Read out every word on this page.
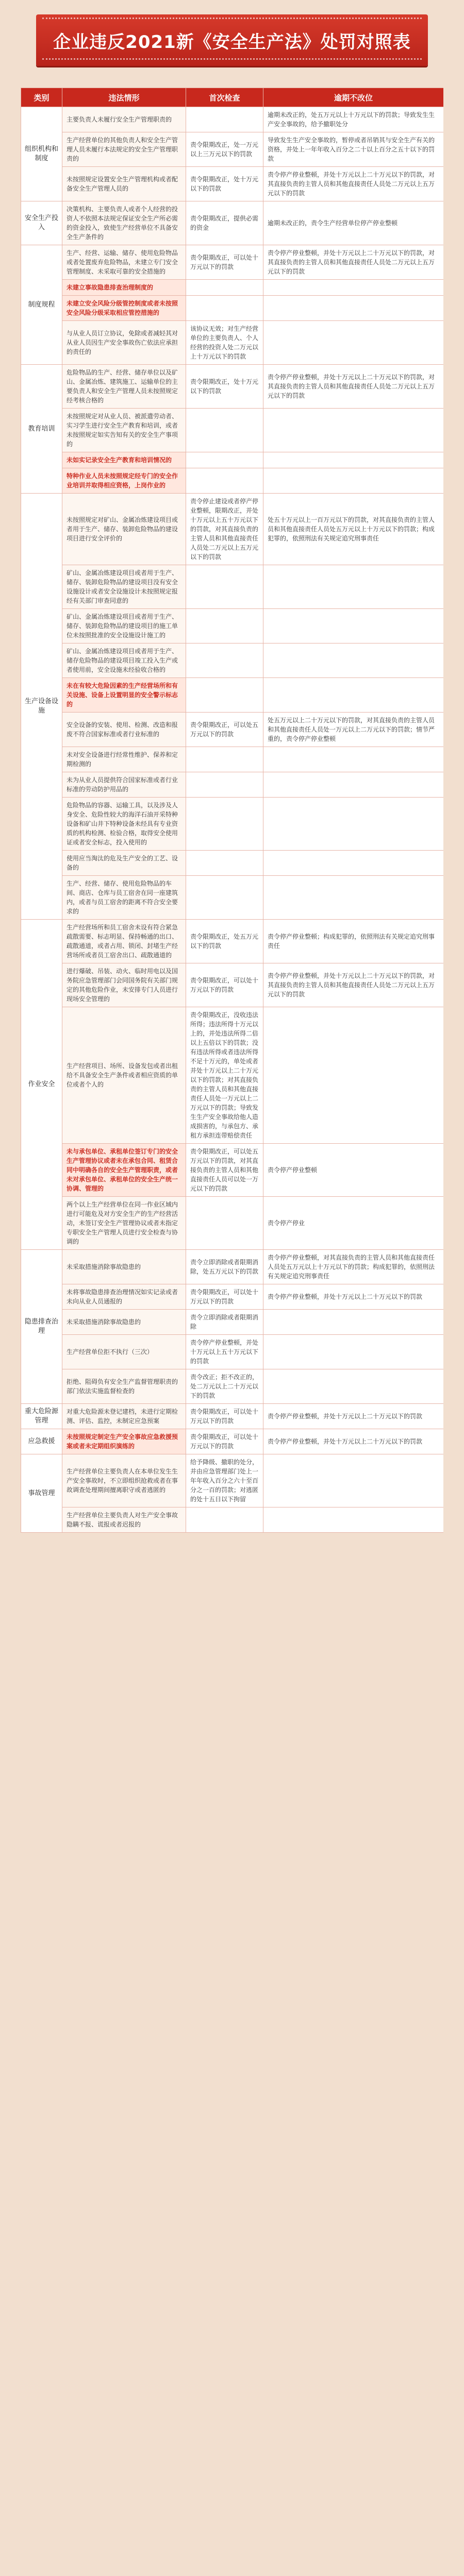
企业违反2021新《安全生产法》处罚对照表
类别	违法情形	首次检查	逾期不改位
组织机构和制度	主要负责人未履行安全生产管理职责的		逾期未改正的，处五万元以上十万元以下的罚款；导致发生生产安全事故的，给予撤职处分
	生产经营单位的其他负责人和安全生产管理人员未履行本法规定的安全生产管理职责的	责令限期改正，处一万元以上三万元以下的罚款	导致发生生产安全事故的，暂停或者吊销其与安全生产有关的资格，并处上一年年收入百分之二十以上百分之五十以下的罚款
	未按照规定设置安全生产管理机构或者配备安全生产管理人员的	责令限期改正，处十万元以下的罚款	责令停产停业整顿，并处十万元以上二十万元以下的罚款，对其直接负责的主管人员和其他直接责任人员处二万元以上五万元以下的罚款
安全生产投入	决策机构、主要负责人或者个人经营的投资人不依照本法规定保证安全生产所必需的资金投入，致使生产经营单位不具备安全生产条件的	责令限期改正，提供必需的资金	逾期未改正的，责令生产经营单位停产停业整顿
制度规程	生产、经营、运输、储存、使用危险物品或者处置废弃危险物品，未建立专门安全管理制度、未采取可靠的安全措施的	责令限期改正，可以处十万元以下的罚款	责令停产停业整顿，并处十万元以上二十万元以下的罚款，对其直接负责的主管人员和其他直接责任人员处二万元以上五万元以下的罚款
	未建立事故隐患排查治理制度的		
	未建立安全风险分级管控制度或者未按照安全风险分级采取相应管控措施的		
	与从业人员订立协议，免除或者减轻其对从业人员因生产安全事故伤亡依法应承担的责任的	该协议无效；对生产经营单位的主要负责人、个人经营的投资人处二万元以上十万元以下的罚款	
教育培训	危险物品的生产、经营、储存单位以及矿山、金属冶炼、建筑施工、运输单位的主要负责人和安全生产管理人员未按照规定经考核合格的	责令限期改正，处十万元以下的罚款	责令停产停业整顿，并处十万元以上二十万元以下的罚款，对其直接负责的主管人员和其他直接责任人员处二万元以上五万元以下的罚款
	未按照规定对从业人员、被派遣劳动者、实习学生进行安全生产教育和培训，或者未按照规定如实告知有关的安全生产事项的		
	未如实记录安全生产教育和培训情况的		
	特种作业人员未按照规定经专门的安全作业培训并取得相应资格，上岗作业的		
生产设备设施	未按照规定对矿山、金属冶炼建设项目或者用于生产、储存、装卸危险物品的建设项目进行安全评价的	责令停止建设或者停产停业整顿，限期改正，并处十万元以上五十万元以下的罚款，对其直接负责的主管人员和其他直接责任人员处二万元以上五万元以下的罚款	处五十万元以上一百万元以下的罚款，对其直接负责的主管人员和其他直接责任人员处五万元以上十万元以下的罚款；构成犯罪的，依照刑法有关规定追究刑事责任
	矿山、金属冶炼建设项目或者用于生产、储存、装卸危险物品的建设项目没有安全设施设计或者安全设施设计未按照规定报经有关部门审查同意的		
	矿山、金属冶炼建设项目或者用于生产、储存、装卸危险物品的建设项目的施工单位未按照批准的安全设施设计施工的		
	矿山、金属冶炼建设项目或者用于生产、储存危险物品的建设项目竣工投入生产或者使用前，安全设施未经验收合格的		
	未在有较大危险因素的生产经营场所和有关设施、设备上设置明显的安全警示标志的		
	安全设备的安装、使用、检测、改造和报废不符合国家标准或者行业标准的	责令限期改正，可以处五万元以下的罚款	处五万元以上二十万元以下的罚款，对其直接负责的主管人员和其他直接责任人员处一万元以上二万元以下的罚款；情节严重的，责令停产停业整顿
	未对安全设备进行经常性维护、保养和定期检测的		
	未为从业人员提供符合国家标准或者行业标准的劳动防护用品的		
	危险物品的容器、运输工具，以及涉及人身安全、危险性较大的海洋石油开采特种设备和矿山井下特种设备未经具有专业资质的机构检测、检验合格，取得安全使用证或者安全标志，投入使用的		
	使用应当淘汰的危及生产安全的工艺、设备的		
	生产、经营、储存、使用危险物品的车间、商店、仓库与员工宿舍在同一座建筑内，或者与员工宿舍的距离不符合安全要求的		
作业安全	生产经营场所和员工宿舍未设有符合紧急疏散需要、标志明显、保持畅通的出口、疏散通道，或者占用、锁闭、封堵生产经营场所或者员工宿舍出口、疏散通道的	责令限期改正，处五万元以下的罚款	责令停产停业整顿；构成犯罪的，依照刑法有关规定追究刑事责任
	进行爆破、吊装、动火、临时用电以及国务院应急管理部门会同国务院有关部门规定的其他危险作业，未安排专门人员进行现场安全管理的	责令限期改正，可以处十万元以下的罚款	责令停产停业整顿，并处十万元以上二十万元以下的罚款，对其直接负责的主管人员和其他直接责任人员处二万元以上五万元以下的罚款
	生产经营项目、场所、设备发包或者出租给不具备安全生产条件或者相应资质的单位或者个人的	责令限期改正，没收违法所得；违法所得十万元以上的，并处违法所得二倍以上五倍以下的罚款；没有违法所得或者违法所得不足十万元的，单处或者并处十万元以上二十万元以下的罚款；对其直接负责的主管人员和其他直接责任人员处一万元以上二万元以下的罚款；导致发生生产安全事故给他人造成损害的，与承包方、承租方承担连带赔偿责任	
	未与承包单位、承租单位签订专门的安全生产管理协议或者未在承包合同、租赁合同中明确各自的安全生产管理职责，或者未对承包单位、承租单位的安全生产统一协调、管理的	责令限期改正，可以处五万元以下的罚款，对其直接负责的主管人员和其他直接责任人员可以处一万元以下的罚款	责令停产停业整顿
	两个以上生产经营单位在同一作业区域内进行可能危及对方安全生产的生产经营活动，未签订安全生产管理协议或者未指定专职安全生产管理人员进行安全检查与协调的		责令停产停业
隐患排查治理	未采取措施消除事故隐患的	责令立即消除或者限期消除，处五万元以下的罚款	责令停产停业整顿，对其直接负责的主管人员和其他直接责任人员处五万元以上十万元以下的罚款；构成犯罪的，依照刑法有关规定追究刑事责任
	未将事故隐患排查治理情况如实记录或者未向从业人员通报的	责令限期改正，可以处十万元以下的罚款	责令停产停业整顿，并处十万元以上二十万元以下的罚款
	未采取措施消除事故隐患的	责令立即消除或者限期消除	
	生产经营单位拒不执行（三次）	责令停产停业整顿，并处十万元以上五十万元以下的罚款	
	拒绝、阻碍负有安全生产监督管理职责的部门依法实施监督检查的	责令改正；拒不改正的，处二万元以上二十万元以下的罚款	
重大危险源管理	对重大危险源未登记建档，未进行定期检测、评估、监控，未制定应急预案	责令限期改正，可以处十万元以下的罚款	责令停产停业整顿，并处十万元以上二十万元以下的罚款
应急救援	未按照规定制定生产安全事故应急救援预案或者未定期组织演练的	责令限期改正，可以处十万元以下的罚款	责令停产停业整顿，并处十万元以上二十万元以下的罚款
事故管理	生产经营单位主要负责人在本单位发生生产安全事故时，不立即组织抢救或者在事故调查处理期间擅离职守或者逃匿的	给予降级、撤职的处分，并由应急管理部门处上一年年收入百分之六十至百分之一百的罚款；对逃匿的处十五日以下拘留	
	生产经营单位主要负责人对生产安全事故隐瞒不报、谎报或者迟报的		
